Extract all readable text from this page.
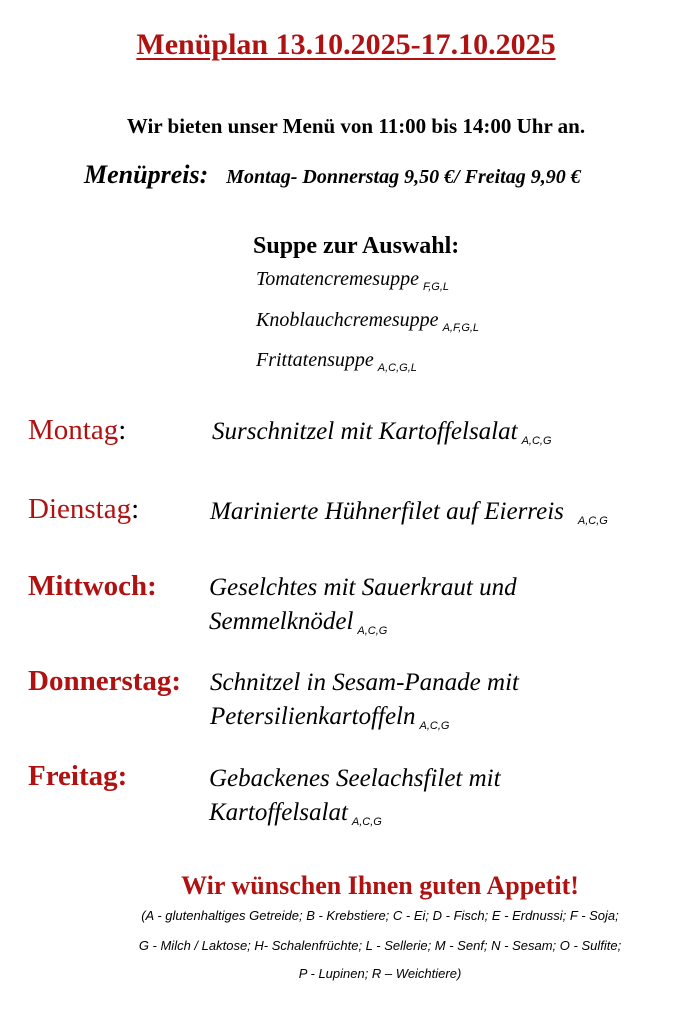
Menüplan 13.10.2025-17.10.2025
Wir bieten unser Menü von 11:00 bis 14:00 Uhr an.
Menüpreis: Montag- Donnerstag 9,50 €/ Freitag 9,90 €
Suppe zur Auswahl:
Tomatencremesuppe $_{F,G,L}$
Knoblauchcremesuppe $_{A,F,G,L}$
Frittatensuppe $_{A,C,G,L}$
Montag:	Surschnitzel mit Kartoffelsalat $_{A,C,G}$
Dienstag:	Marinierte Hühnerfilet auf Eierreis $_{A,C,G}$
Mittwoch: Geselchtes mit Sauerkraut und
Semmelknödel $_{A,C,G}$
Donnerstag: Schnitzel in Sesam-Panade mit
Petersilienkartoffeln $_{A,C,G}$
Freitag:	Gebackenes Seelachsfilet mit
Kartoffelsalat $_{A,C,G}$
Wir wünschen Ihnen guten Appetit!
(A - glutenhaltiges Getreide; B - Krebstiere; C - Ei; D - Fisch; E - Erdnussi; F - Soja;
G - Milch / Laktose; H- Schalenfrüchte; L - Sellerie; M - Senf; N - Sesam; O - Sulfite;
P - Lupinen; R – Weichtiere)
